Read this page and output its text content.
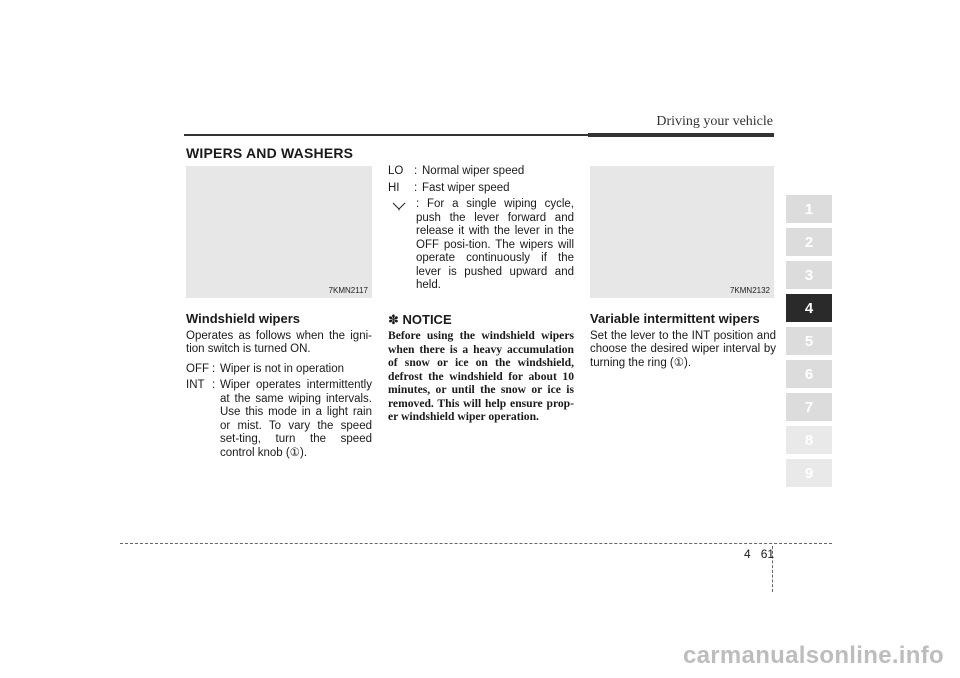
Driving your vehicle
WIPERS AND WASHERS
7KMN2117	7KMN2132
Windshield wipers

Operates as follows when the igni-tion switch is turned ON.

OFF : Wiper is not in operation
INT : Wiper operates intermittently at the same wiping intervals. Use this mode in a light rain or mist. To vary the speed set-ting, turn the speed control knob (①).
LO : Normal wiper speed
HI	: Fast wiper speed
: For a single wiping cycle, push the lever forward and release it with the lever in the OFF posi-tion. The wipers will operate continuously if the lever is pushed upward and held.
✽ NOTICE

Before using the windshield wipers when there is a heavy accumulation of snow or ice on the windshield, defrost the windshield for about 10 minutes, or until the snow or ice is removed. This will help ensure prop-er windshield wiper operation.

Variable intermittent wipers

Set the lever to the INT position and choose the desired wiper interval by turning the ring (①).

1
2
3
4
5
6
7
8
9
4 61
carmanualsonline.info
